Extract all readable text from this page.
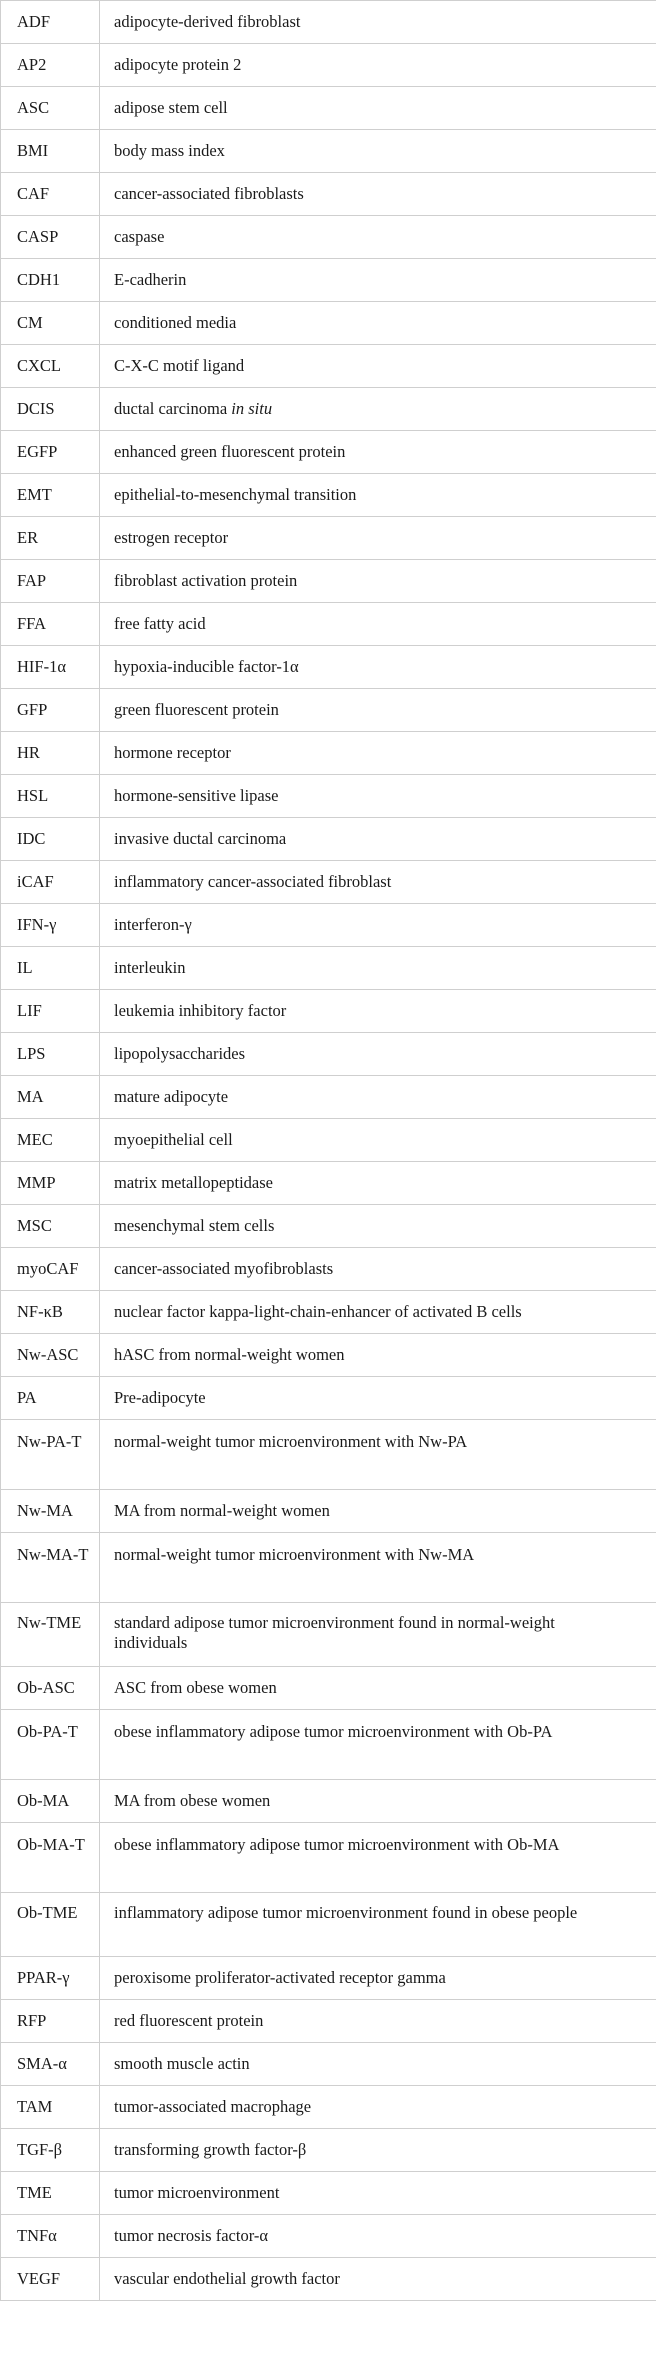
ADF	adipocyte-derived fibroblast
AP2	adipocyte protein 2
ASC	adipose stem cell
BMI	body mass index
CAF	cancer-associated fibroblasts
CASP	caspase
CDH1	E-cadherin
CM	conditioned media
CXCL	C-X-C motif ligand
DCIS	ductal carcinoma in situ
EGFP	enhanced green fluorescent protein
EMT	epithelial-to-mesenchymal transition
ER	estrogen receptor
FAP	fibroblast activation protein
FFA	free fatty acid
HIF-1α	hypoxia-inducible factor-1α
GFP	green fluorescent protein
HR	hormone receptor
HSL	hormone-sensitive lipase
IDC	invasive ductal carcinoma
iCAF	inflammatory cancer-associated fibroblast
IFN-γ	interferon-γ
IL	interleukin
LIF	leukemia inhibitory factor
LPS	lipopolysaccharides
MA	mature adipocyte
MEC	myoepithelial cell
MMP	matrix metallopeptidase
MSC	mesenchymal stem cells
myoCAF	cancer-associated myofibroblasts
NF-κB	nuclear factor kappa-light-chain-enhancer of activated B cells
Nw-ASC	hASC from normal-weight women
PA	Pre-adipocyte
Nw-PA-T	normal-weight tumor microenvironment with Nw-PA
Nw-MA	MA from normal-weight women
Nw-MA-T	normal-weight tumor microenvironment with Nw-MA
Nw-TME	standard adipose tumor microenvironment found in normal-weight individuals
Ob-ASC	ASC from obese women
Ob-PA-T	obese inflammatory adipose tumor microenvironment with Ob-PA
Ob-MA	MA from obese women
Ob-MA-T	obese inflammatory adipose tumor microenvironment with Ob-MA
Ob-TME	inflammatory adipose tumor microenvironment found in obese people
PPAR-γ	peroxisome proliferator-activated receptor gamma
RFP	red fluorescent protein
SMA-α	smooth muscle actin
TAM	tumor-associated macrophage
TGF-β	transforming growth factor-β
TME	tumor microenvironment
TNFα	tumor necrosis factor-α
VEGF	vascular endothelial growth factor
